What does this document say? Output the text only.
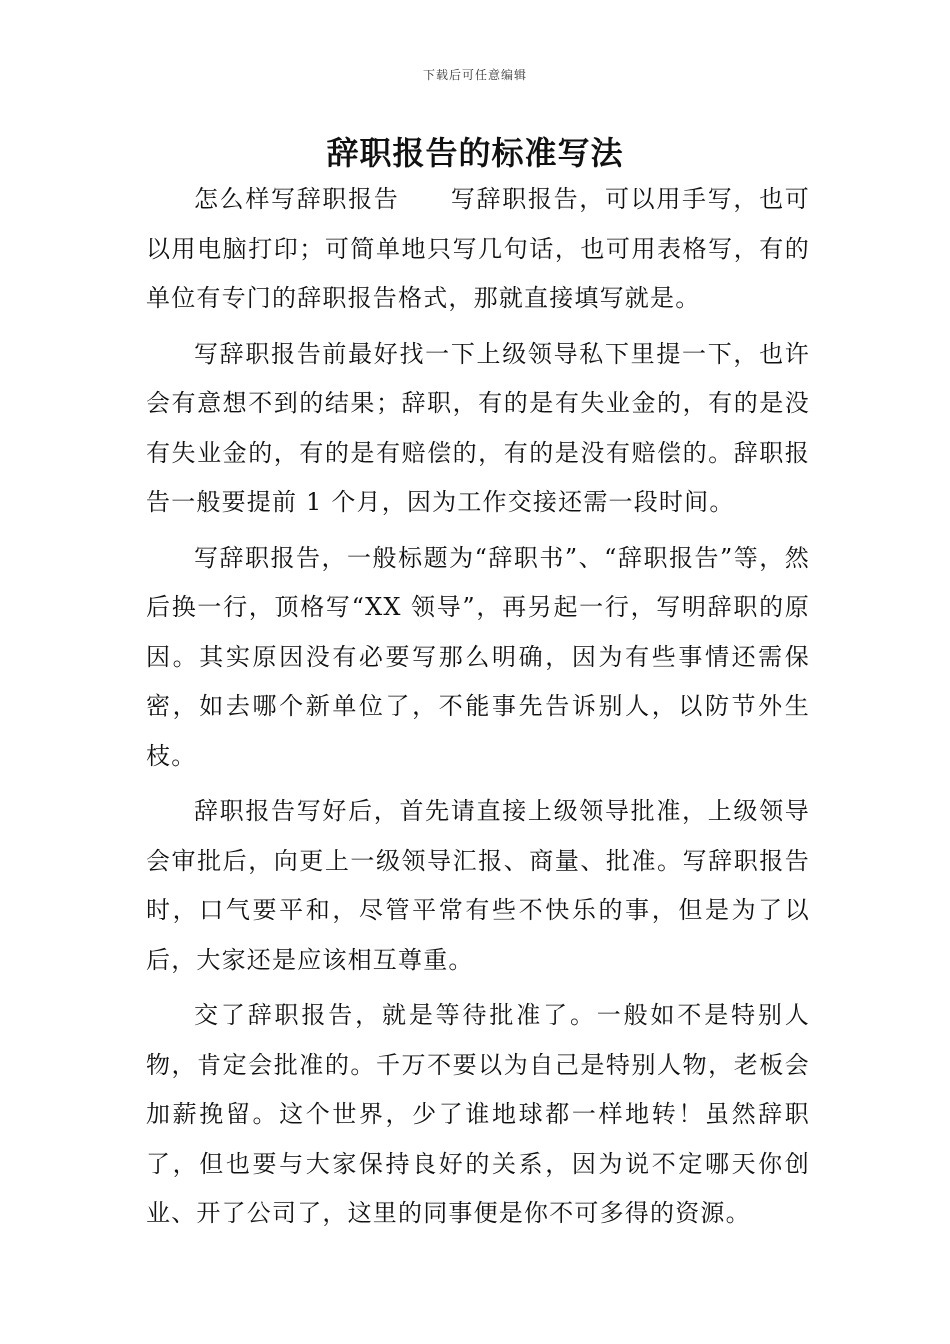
下载后可任意编辑
辞职报告的标准写法

怎么样写辞职报告　　写辞职报告，可以用手写，也可以用电脑打印；可简单地只写几句话，也可用表格写，有的单位有专门的辞职报告格式，那就直接填写就是。

写辞职报告前最好找一下上级领导私下里提一下，也许会有意想不到的结果；辞职，有的是有失业金的，有的是没有失业金的，有的是有赔偿的，有的是没有赔偿的。辞职报告一般要提前 1 个月，因为工作交接还需一段时间。

写辞职报告，一般标题为“辞职书”、“辞职报告”等，然后换一行，顶格写“XX 领导”，再另起一行，写明辞职的原因。其实原因没有必要写那么明确，因为有些事情还需保密，如去哪个新单位了，不能事先告诉别人，以防节外生枝。

辞职报告写好后，首先请直接上级领导批准，上级领导会审批后，向更上一级领导汇报、商量、批准。写辞职报告时，口气要平和，尽管平常有些不快乐的事，但是为了以后，大家还是应该相互尊重。

交了辞职报告，就是等待批准了。一般如不是特别人物，肯定会批准的。千万不要以为自己是特别人物，老板会加薪挽留。这个世界，少了谁地球都一样地转！虽然辞职了，但也要与大家保持良好的关系，因为说不定哪天你创业、开了公司了，这里的同事便是你不可多得的资源。
